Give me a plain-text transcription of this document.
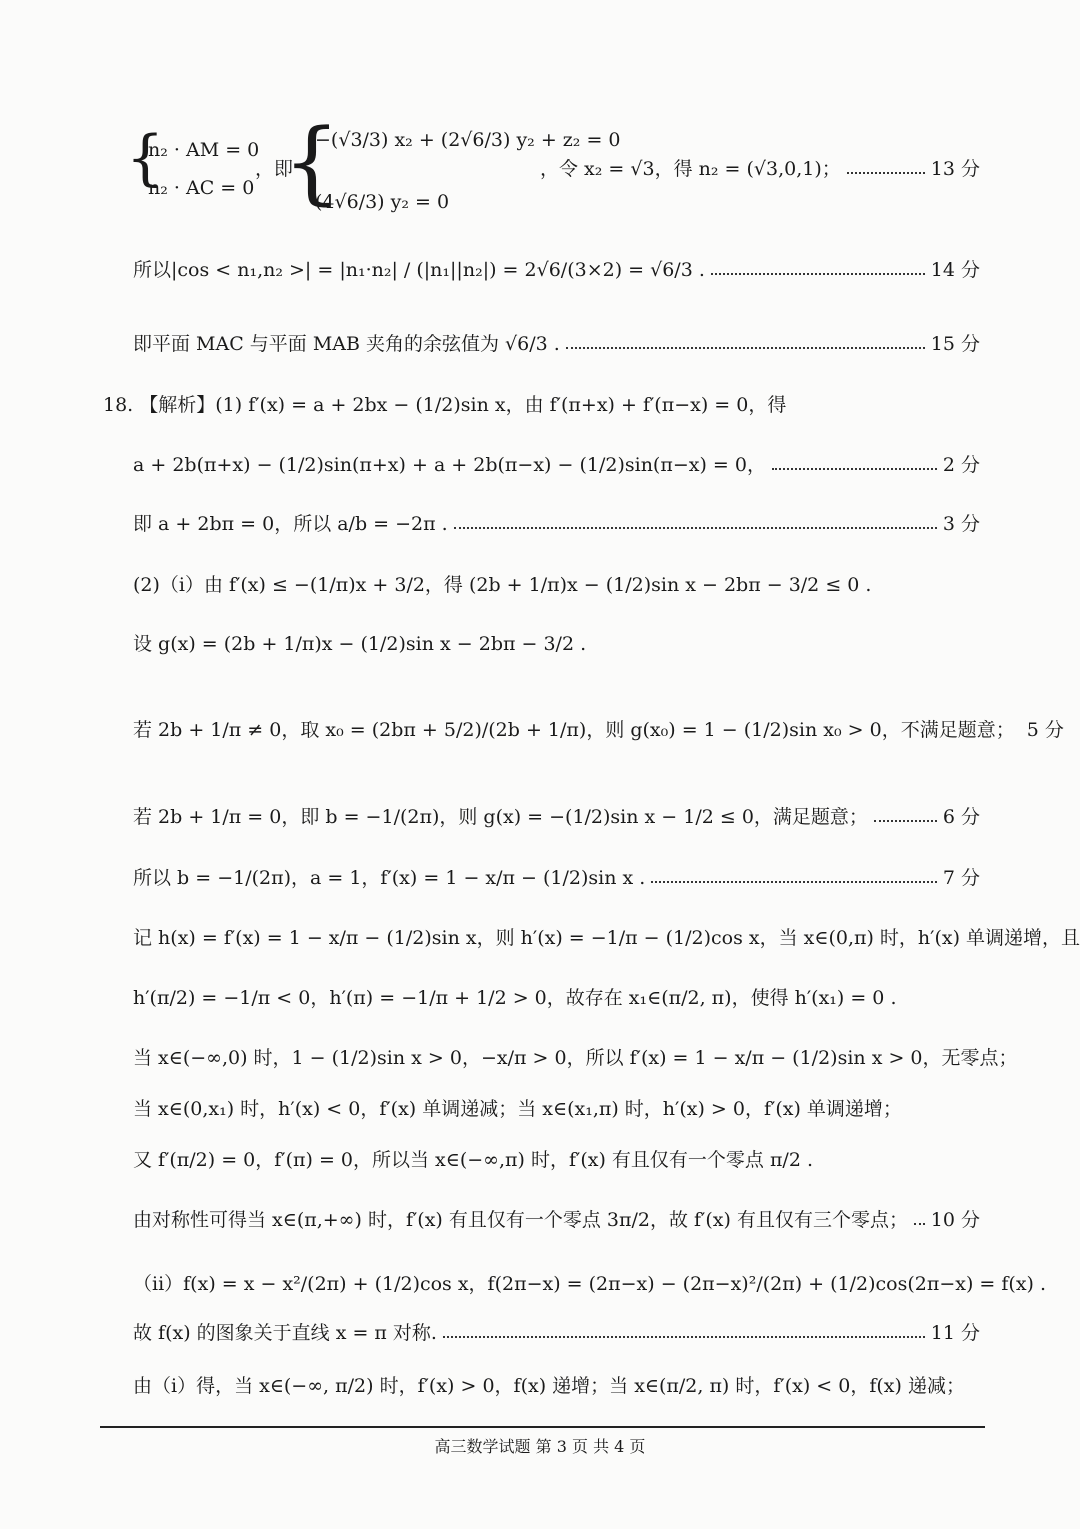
{
n₂ · AM = 0
n₂ · AC = 0
，即
{
−(√3/3) x₂ + (2√6/3) y₂ + z₂ = 0
(4√6/3) y₂ = 0
，令 x₂ = √3，得 n₂ = (√3,0,1)；	13 分
所以|cos < n₁,n₂ >| = |n₁·n₂| / (|n₁||n₂|) = 2√6/(3×2) = √6/3 .	14 分
即平面 MAC 与平面 MAB 夹角的余弦值为 √6/3 .	15 分
18. 【解析】(1) f′(x) = a + 2bx − (1/2)sin x，由 f′(π+x) + f′(π−x) = 0，得
a + 2b(π+x) − (1/2)sin(π+x) + a + 2b(π−x) − (1/2)sin(π−x) = 0，	2 分
即 a + 2bπ = 0，所以 a/b = −2π .	3 分
(2)（i）由 f′(x) ≤ −(1/π)x + 3/2，得 (2b + 1/π)x − (1/2)sin x − 2bπ − 3/2 ≤ 0 .
设 g(x) = (2b + 1/π)x − (1/2)sin x − 2bπ − 3/2 .
若 2b + 1/π ≠ 0，取 x₀ = (2bπ + 5/2)/(2b + 1/π)，则 g(x₀) = 1 − (1/2)sin x₀ > 0，不满足题意； 5 分
若 2b + 1/π = 0，即 b = −1/(2π)，则 g(x) = −(1/2)sin x − 1/2 ≤ 0，满足题意；	6 分
所以 b = −1/(2π)，a = 1，f′(x) = 1 − x/π − (1/2)sin x .	7 分
记 h(x) = f′(x) = 1 − x/π − (1/2)sin x，则 h′(x) = −1/π − (1/2)cos x，当 x∈(0,π) 时，h′(x) 单调递增，且
h′(π/2) = −1/π < 0，h′(π) = −1/π + 1/2 > 0，故存在 x₁∈(π/2, π)，使得 h′(x₁) = 0 .
当 x∈(−∞,0) 时，1 − (1/2)sin x > 0，−x/π > 0，所以 f′(x) = 1 − x/π − (1/2)sin x > 0，无零点；
当 x∈(0,x₁) 时，h′(x) < 0，f′(x) 单调递减；当 x∈(x₁,π) 时，h′(x) > 0，f′(x) 单调递增；
又 f′(π/2) = 0，f′(π) = 0，所以当 x∈(−∞,π) 时，f′(x) 有且仅有一个零点 π/2 .
由对称性可得当 x∈(π,+∞) 时，f′(x) 有且仅有一个零点 3π/2，故 f′(x) 有且仅有三个零点； 10 分
（ii）f(x) = x − x²/(2π) + (1/2)cos x，f(2π−x) = (2π−x) − (2π−x)²/(2π) + (1/2)cos(2π−x) = f(x) .
故 f(x) 的图象关于直线 x = π 对称.	11 分
由（i）得，当 x∈(−∞, π/2) 时，f′(x) > 0，f(x) 递增；当 x∈(π/2, π) 时，f′(x) < 0，f(x) 递减；
高三数学试题 第 3 页 共 4 页
